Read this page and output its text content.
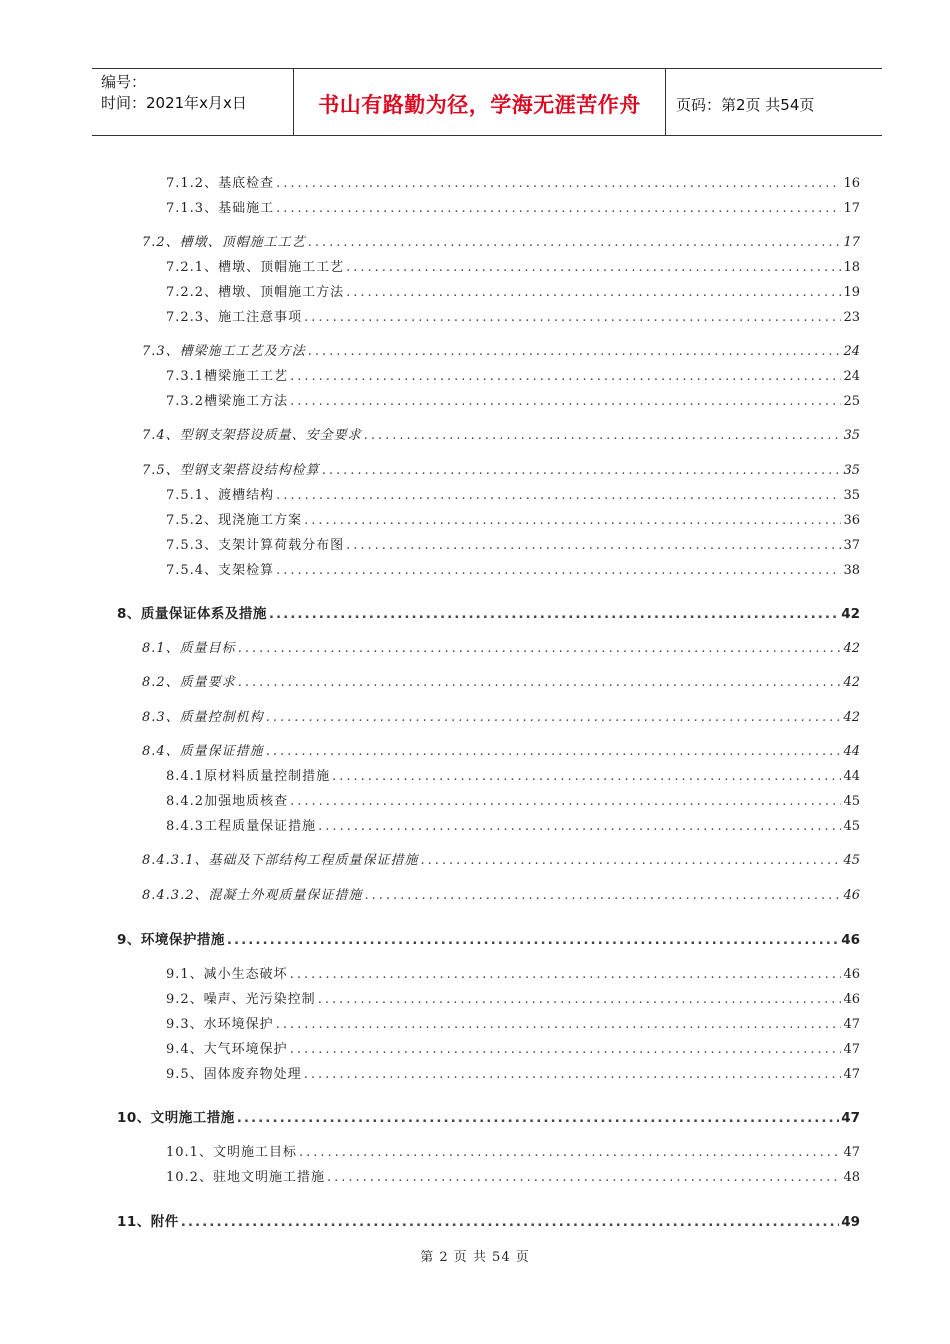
编号：
时间：2021年x月x日	书山有路勤为径，学海无涯苦作舟	页码：第2页 共54页
7.1.2、基底检查 .....	16
7.1.3、基础施工 .....	17
7.2、槽墩、顶帽施工工艺 .....	17
7.2.1、槽墩、顶帽施工工艺 .....	18
7.2.2、槽墩、顶帽施工方法 .....	19
7.2.3、施工注意事项 .....	23
7.3、槽梁施工工艺及方法 .....	24
7.3.1槽梁施工工艺 .....	24
7.3.2槽梁施工方法 .....	25
7.4、型钢支架搭设质量、安全要求 .....	35
7.5、型钢支架搭设结构检算 .....	35
7.5.1、渡槽结构 .....	35
7.5.2、现浇施工方案 .....	36
7.5.3、支架计算荷载分布图 .....	37
7.5.4、支架检算 .....	38
8、质量保证体系及措施 .....	42
8.1、质量目标 .....	42
8.2、质量要求 .....	42
8.3、质量控制机构 .....	42
8.4、质量保证措施 .....	44
8.4.1原材料质量控制措施 .....	44
8.4.2加强地质核查 .....	45
8.4.3工程质量保证措施 .....	45
8.4.3.1、基础及下部结构工程质量保证措施 .....	45
8.4.3.2、混凝土外观质量保证措施 .....	46
9、环境保护措施 .....	46
9.1、减小生态破坏 .....	46
9.2、噪声、光污染控制 .....	46
9.3、水环境保护 .....	47
9.4、大气环境保护 .....	47
9.5、固体废弃物处理 .....	47
10、文明施工措施 .....	47
10.1、文明施工目标 .....	47
10.2、驻地文明施工措施 .....	48
11、附件 .....	49
第 2 页 共 54 页
